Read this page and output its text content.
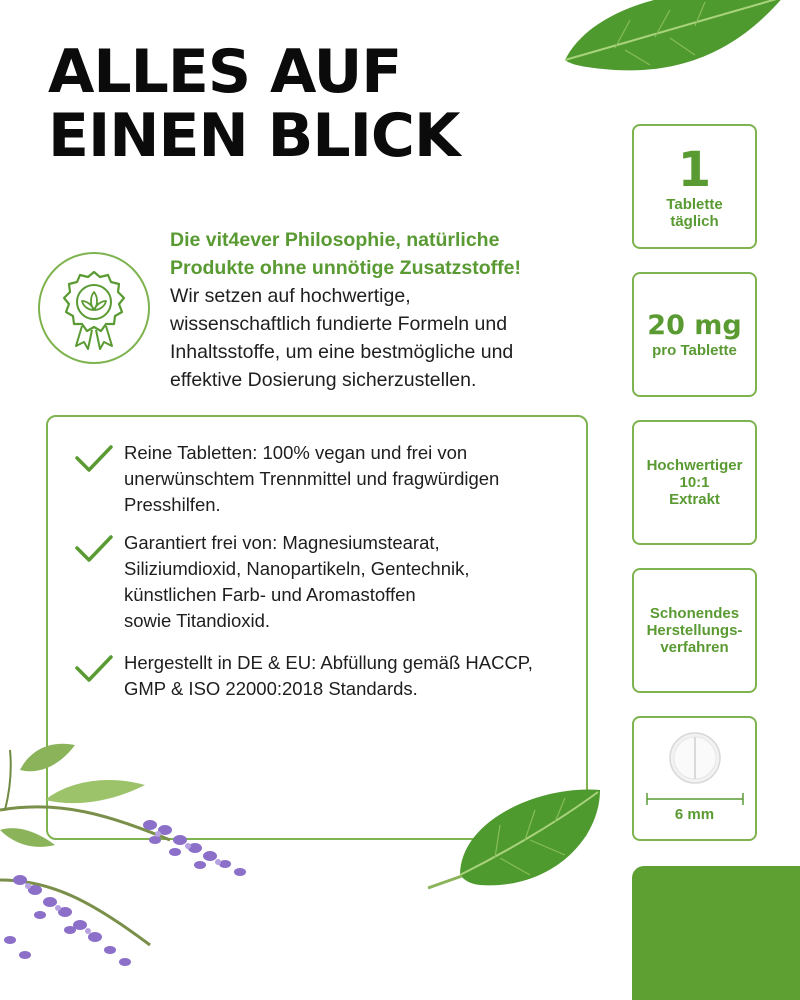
ALLES AUF
EINEN BLICK
Die vit4ever Philosophie, natürliche
Produkte ohne unnötige Zusatzstoffe!
Wir setzen auf hochwertige,
wissenschaftlich fundierte Formeln und
Inhaltsstoffe, um eine bestmögliche und
effektive Dosierung sicherzustellen.
Reine Tabletten: 100% vegan und frei von
unerwünschtem Trennmittel und fragwürdigen
Presshilfen.
Garantiert frei von: Magnesiumstearat,
Siliziumdioxid, Nanopartikeln, Gentechnik,
künstlichen Farb- und Aromastoffen
sowie Titandioxid.
Hergestellt in DE & EU: Abfüllung gemäß HACCP,
GMP & ISO 22000:2018 Standards.
1
Tablette
täglich
20 mg
pro Tablette
Hochwertiger
10:1
Extrakt
Schonendes
Herstellungs-
verfahren
6 mm
